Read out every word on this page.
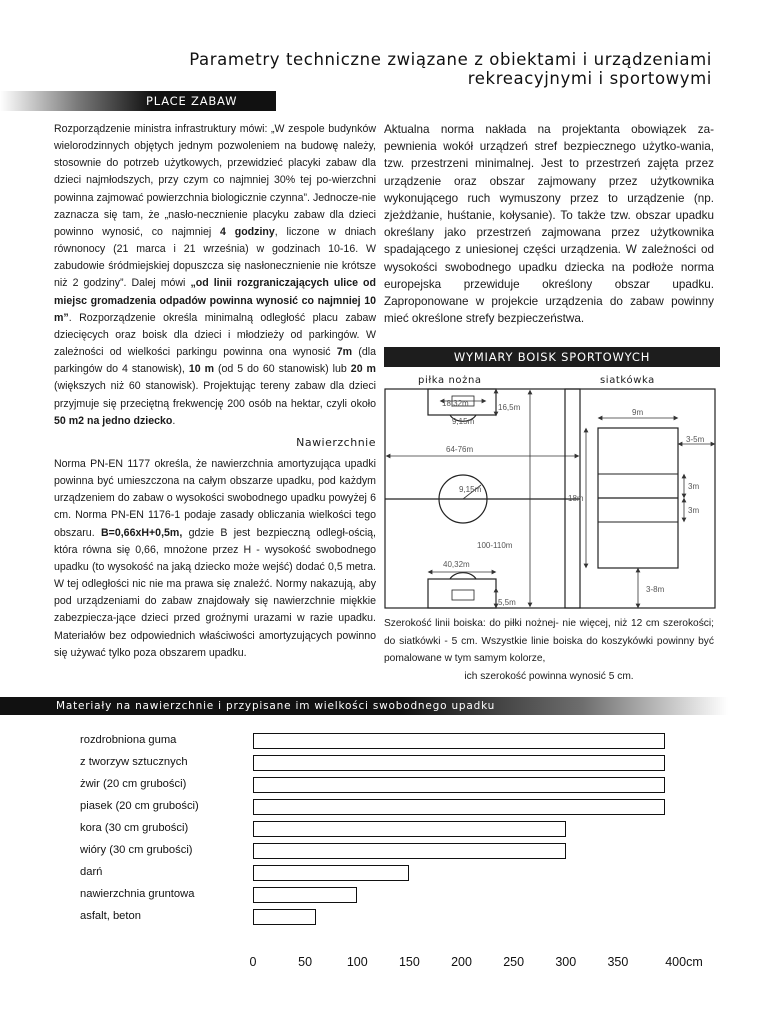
Parametry techniczne związane z obiektami i urządzeniami
rekreacyjnymi i sportowymi
PLACE ZABAW

Rozporządzenie ministra infrastruktury mówi: „W zespole budynków wielorodzinnych objętych jednym pozwoleniem na budowę należy, stosownie do potrzeb użytkowych, przewidzieć placyki zabaw dla dzieci najmłodszych, przy czym co najmniej 30% tej po-wierzchni powinna zajmować powierzchnia biologicznie czynna”. Jednocze-nie zaznacza się tam, że „nasło-necznienie placyku zabaw dla dzieci powinno wynosić, co najmniej 4 godziny, liczone w dniach równonocy (21 marca i 21 września) w godzinach 10-16. W zabudowie śródmiejskiej dopuszcza się nasłonecznienie nie krótsze niż 2 godziny”. Dalej mówi „od linii rozgraniczających ulice od miejsc gromadzenia odpadów powinna wynosić co najmniej 10 m”. Rozporządzenie określa minimalną odległość placu zabaw dziecięcych oraz boisk dla dzieci i młodzieży od parkingów. W zależności od wielkości parkingu powinna ona wynosić 7m (dla parkingów do 4 stanowisk), 10 m (od 5 do 60 stanowisk) lub 20 m (większych niż 60 stanowisk). Projektując tereny zabaw dla dzieci przyjmuje się przeciętną frekwencję 200 osób na hektar, czyli około 50 m2 na jedno dziecko.

Nawierzchnie

Norma PN-EN 1177 określa, że nawierzchnia amortyzująca upadki powinna być umieszczona na całym obszarze upadku, pod każdym urządzeniem do zabaw o wysokości swobodnego upadku powyżej 6 cm. Norma PN-EN 1176-1 podaje zasady obliczania wielkości tego obszaru. B=0,66xH+0,5m, gdzie B jest bezpieczną odległ-ością, która równa się 0,66, mnożone przez H - wysokość swobodnego upadku (to wysokość na jaką dziecko może wejść) dodać 0,5 metra. W tej odległości nic nie ma prawa się znaleźć. Normy nakazują, aby pod urządzeniami do zabaw znajdowały się nawierzchnie miękkie zabezpiecza-jące dzieci przed groźnymi urazami w razie upadku. Materiałów bez odpowiednich właściwości amortyzujących powinno się używać tylko poza obszarem upadku.

Aktualna norma nakłada na projektanta obowiązek za-pewnienia wokół urządzeń stref bezpiecznego użytko-wania, tzw. przestrzeni minimalnej. Jest to przestrzeń zajęta przez urządzenie oraz obszar zajmowany przez użytkownika wykonującego ruch wymuszony przez to urządzenie (np. zjeżdżanie, huśtanie, kołysanie). To także tzw. obszar upadku określany jako przestrzeń zajmowana przez użytkownika spadającego z uniesionej części urządzenia. W zależności od wysokości swobodnego upadku dziecka na podłoże norma europejska przewiduje określony obszar upadku. Zaproponowane w projekcie urządzenia do zabaw powinny mieć określone strefy bezpieczeństwa.

WYMIARY BOISK SPORTOWYCH
piłka nożna	siatkówka
18,32m	16,5m
9,15m
64-76m
9,15m
100-110m
40,32m
5,5m
9m
3-5m
3m
3m
18m
3-8m

Szerokość linii boiska: do piłki nożnej- nie więcej, niż 12 cm szerokości; do siatkówki - 5 cm. Wszystkie linie boiska do koszykówki powinny być pomalowane w tym samym kolorze,

ich szerokość powinna wynosić 5 cm.

Materiały na nawierzchnie i przypisane im wielkości swobodnego upadku
rozdrobniona guma
z tworzyw sztucznych
żwir (20 cm grubości)
piasek (20 cm grubości)
kora (30 cm grubości)
wióry (30 cm grubości)
darń
nawierzchnia gruntowa
asfalt, beton
0	50	100	150	200	250	300	350	400cm
